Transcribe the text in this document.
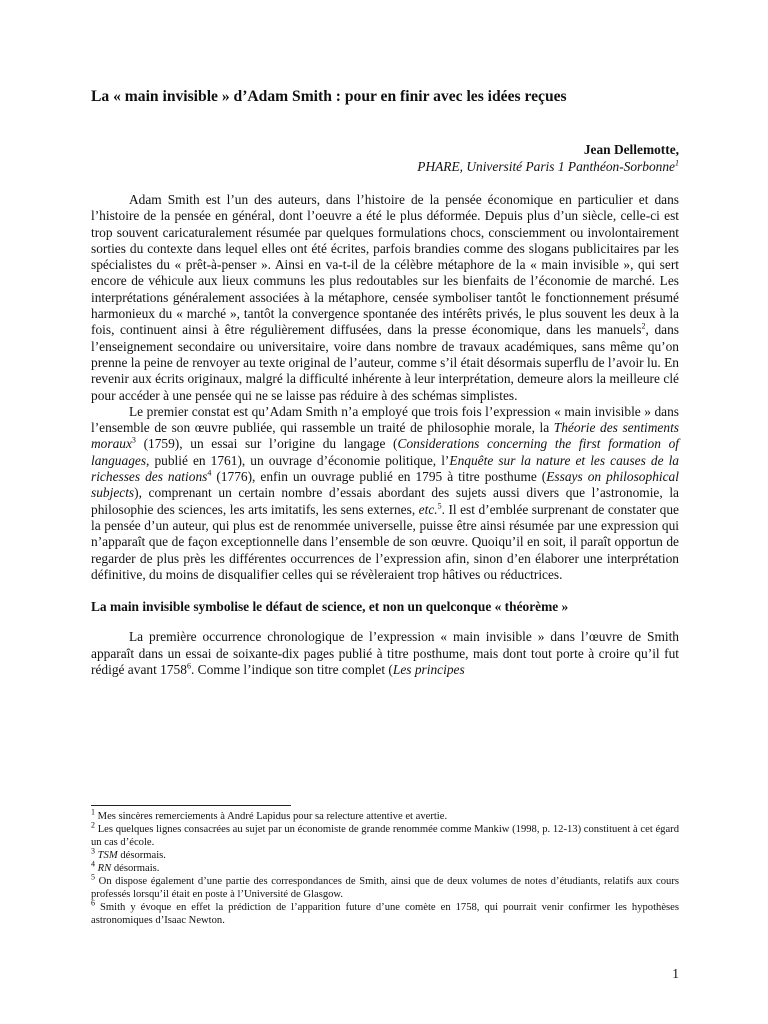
La « main invisible » d’Adam Smith : pour en finir avec les idées reçues
Jean Dellemotte,
PHARE, Université Paris 1 Panthéon-Sorbonne$^1$

Adam Smith est l’un des auteurs, dans l’histoire de la pensée économique en particulier et dans l’histoire de la pensée en général, dont l’oeuvre a été le plus déformée. Depuis plus d’un siècle, celle-ci est trop souvent caricaturalement résumée par quelques formulations chocs, consciemment ou involontairement sorties du contexte dans lequel elles ont été écrites, parfois brandies comme des slogans publicitaires par les spécialistes du « prêt-à-penser ». Ainsi en va-t-il de la célèbre métaphore de la « main invisible », qui sert encore de véhicule aux lieux communs les plus redoutables sur les bienfaits de l’économie de marché. Les interprétations généralement associées à la métaphore, censée symboliser tantôt le fonctionnement présumé harmonieux du « marché », tantôt la convergence spontanée des intérêts privés, le plus souvent les deux à la fois, continuent ainsi à être régulièrement diffusées, dans la presse économique, dans les manuels$^2$, dans l’enseignement secondaire ou universitaire, voire dans nombre de travaux académiques, sans même qu’on prenne la peine de renvoyer au texte original de l’auteur, comme s’il était désormais superflu de l’avoir lu. En revenir aux écrits originaux, malgré la difficulté inhérente à leur interprétation, demeure alors la meilleure clé pour accéder à une pensée qui ne se laisse pas réduire à des schémas simplistes.

Le premier constat est qu’Adam Smith n’a employé que trois fois l’expression « main invisible » dans l’ensemble de son œuvre publiée, qui rassemble un traité de philosophie morale, la Théorie des sentiments moraux$^3$ (1759), un essai sur l’origine du langage (Considerations concerning the first formation of languages, publié en 1761), un ouvrage d’économie politique, l’Enquête sur la nature et les causes de la richesses des nations$^4$ (1776), enfin un ouvrage publié en 1795 à titre posthume (Essays on philosophical subjects), comprenant un certain nombre d’essais abordant des sujets aussi divers que l’astronomie, la philosophie des sciences, les arts imitatifs, les sens externes, etc.$^5$. Il est d’emblée surprenant de constater que la pensée d’un auteur, qui plus est de renommée universelle, puisse être ainsi résumée par une expression qui n’apparaît que de façon exceptionnelle dans l’ensemble de son œuvre. Quoiqu’il en soit, il paraît opportun de regarder de plus près les différentes occurrences de l’expression afin, sinon d’en élaborer une interprétation définitive, du moins de disqualifier celles qui se révèleraient trop hâtives ou réductrices.

La main invisible symbolise le défaut de science, et non un quelconque « théorème »

La première occurrence chronologique de l’expression « main invisible » dans l’œuvre de Smith apparaît dans un essai de soixante-dix pages publié à titre posthume, mais dont tout porte à croire qu’il fut rédigé avant 1758$^6$. Comme l’indique son titre complet (Les principes

$^1$ Mes sincères remerciements à André Lapidus pour sa relecture attentive et avertie.

$^2$ Les quelques lignes consacrées au sujet par un économiste de grande renommée comme Mankiw (1998, p. 12-13) constituent à cet égard un cas d’école.

$^3$ TSM désormais.

$^4$ RN désormais.

$^5$ On dispose également d’une partie des correspondances de Smith, ainsi que de deux volumes de notes d’étudiants, relatifs aux cours professés lorsqu’il était en poste à l’Université de Glasgow.

$^6$ Smith y évoque en effet la prédiction de l’apparition future d’une comète en 1758, qui pourrait venir confirmer les hypothèses astronomiques d’Isaac Newton.

1
